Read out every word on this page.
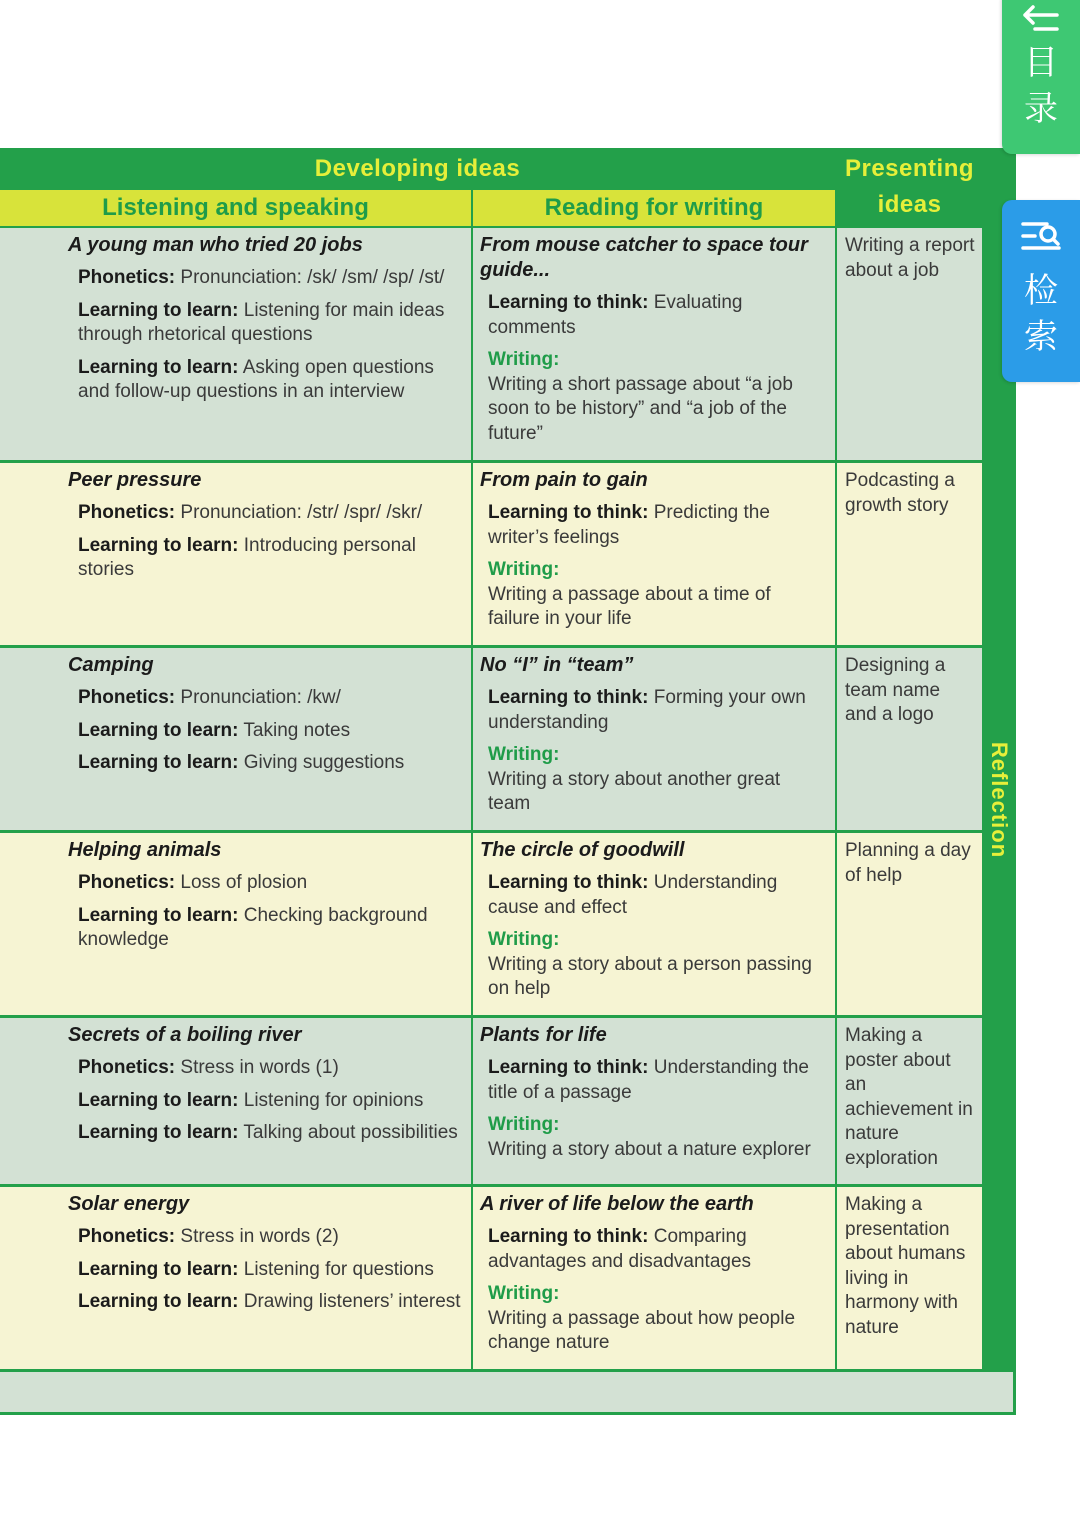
Developing ideas	Presenting
ideas
Listening and speaking	Reading for writing
A young man who tried 20 jobs
Phonetics: Pronunciation: /sk/ /sm/ /sp/ /st/
Learning to learn: Listening for main ideas through rhetorical questions
Learning to learn: Asking open questions and follow-up questions in an interview
From mouse catcher to space tour guide...
Learning to think: Evaluating comments
Writing:
Writing a short passage about “a job soon to be history” and “a job of the future”
Writing a report about a job
Peer pressure
Phonetics: Pronunciation: /str/ /spr/ /skr/
Learning to learn: Introducing personal stories
From pain to gain
Learning to think: Predicting the writer’s feelings
Writing:
Writing a passage about a time of failure in your life
Podcasting a growth story
Camping
Phonetics: Pronunciation: /kw/
Learning to learn: Taking notes
Learning to learn: Giving suggestions
No “I” in “team”
Learning to think: Forming your own understanding
Writing:
Writing a story about another great team
Designing a team name and a logo
Helping animals
Phonetics: Loss of plosion
Learning to learn: Checking background knowledge
The circle of goodwill
Learning to think: Understanding cause and effect
Writing:
Writing a story about a person passing on help
Planning a day of help
Secrets of a boiling river
Phonetics: Stress in words (1)
Learning to learn: Listening for opinions
Learning to learn: Talking about possibilities
Plants for life
Learning to think: Understanding the title of a passage
Writing:
Writing a story about a nature explorer
Making a poster about an achievement in nature exploration
Solar energy
Phonetics: Stress in words (2)
Learning to learn: Listening for questions
Learning to learn: Drawing listeners’ interest
A river of life below the earth
Learning to think: Comparing advantages and disadvantages
Writing:
Writing a passage about how people change nature
Making a presentation about humans living in harmony with nature
Reflection
目录
检索
